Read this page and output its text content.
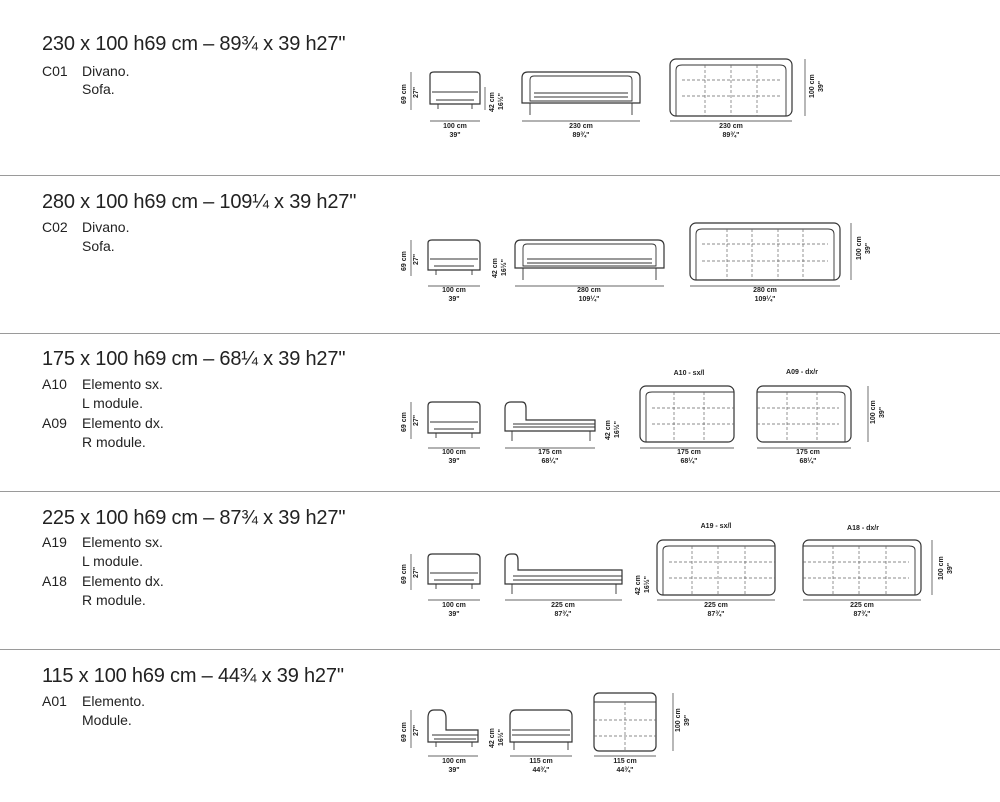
230 x 100 h69 cm – 89¾ x 39 h27''
C01 Divano.
Sofa.	69 cm 27"	42 cm 16½"
100 cm
39"
230 cm
89¾"
100 cm 39"
230 cm
89¾"
280 x 100 h69 cm – 109¼ x 39 h27''
C02 Divano.
Sofa.
69 cm 27"	42 cm 16½"
100 cm
39"
280 cm
109¼"
100 cm 39"
280 cm
109¼"
175 x 100 h69 cm – 68¼ x 39 h27''
A10 Elemento sx.
L module.
A09 Elemento dx.
R module.
69 cm 27"
100 cm
39"
175 cm
68¼"
42 cm 16½"
A10 - sx/l
175 cm
68¼"
A09 - dx/r
175 cm
68¼"
100 cm 39"
225 x 100 h69 cm – 87¾ x 39 h27''
A19 Elemento sx.
L module.
A18 Elemento dx.
R module.
69 cm 27"
100 cm
39"
225 cm
87¾"
42 cm 16½"
A19 - sx/l
225 cm
87¾"
A18 - dx/r
225 cm
87¾"
100 cm 39"
115 x 100 h69 cm – 44¾ x 39 h27''
A01 Elemento.
Module.
69 cm 27"	42 cm 16½"
100 cm
39"
115 cm
44¾"
100 cm 39"
115 cm
44¾"
